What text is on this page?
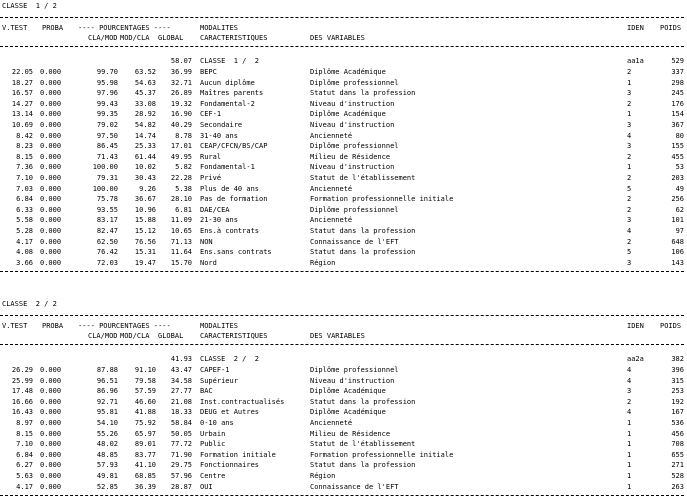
CLASSE  1 / 2
V.TEST PROBA ---- POURCENTAGES ----	MODALITES	IDEN POIDS
CLA/MOD MOD/CLA GLOBAL CARACTERISTIQUES	DES VARIABLES
58.07 CLASSE  1 /  2	aa1a	529
22.05 0.000	99.70 63.52 36.99 BEPC	Diplôme Académique	2	337
18.27 0.000	95.98 54.63 32.71 Aucun diplôme	Diplôme professionnel	1	298
16.57 0.000	97.96 45.37 26.89 Maîtres parents	Statut dans la profession	3	245
14.27 0.000	99.43 33.08 19.32 Fondamental-2	Niveau d'instruction	2	176
13.14 0.000	99.35 28.92 16.90 CEF-1	Diplôme Académique	1	154
10.69 0.000	79.02 54.82 40.29 Secondaire	Niveau d'instruction	3	367
8.42 0.000	97.50 14.74	8.78 31-40 ans	Ancienneté	4	80
8.23 0.000	86.45 25.33 17.01 CEAP/CFCN/BS/CAP	Diplôme professionnel	3	155
8.15 0.000	71.43 61.44 49.95 Rural	Milieu de Résidence	2	455
7.36 0.000	100.00 10.02	5.82 Fondamental-1	Niveau d'instruction	1	53
7.10 0.000	79.31 30.43 22.28 Privé	Statut de l'établissement	2	203
7.03 0.000	100.00	9.26	5.38 Plus de 40 ans	Ancienneté	5	49
6.84 0.000	75.78 36.67 28.10 Pas de formation	Formation professionnelle initiale	2	256
6.33 0.000	93.55 10.96	6.81 DAE/CEA	Diplôme professionnel	2	62
5.58 0.000	83.17 15.88 11.09 21-30 ans	Ancienneté	3	101
5.28 0.000	82.47 15.12 10.65 Ens.à contrats	Statut dans la profession	4	97
4.17 0.000	62.50 76.56 71.13 NON	Connaissance de l'EFT	2	648
4.08 0.000	76.42 15.31 11.64 Ens.sans contrats	Statut dans la profession	5	106
3.66 0.000	72.03 19.47 15.70 Nord	Région	3	143
CLASSE  2 / 2
V.TEST PROBA ---- POURCENTAGES ----	MODALITES	IDEN POIDS
CLA/MOD MOD/CLA GLOBAL CARACTERISTIQUES	DES VARIABLES
41.93 CLASSE  2 /  2	aa2a	382
26.29 0.000	87.88 91.10 43.47 CAPEF-1	Diplôme professionnel	4	396
25.99 0.000	96.51 79.58 34.58 Supérieur	Niveau d'instruction	4	315
17.48 0.000	86.96 57.59 27.77 BAC	Diplôme Académique	3	253
16.66 0.000	92.71 46.60 21.08 Inst.contractualisés	Statut dans la profession	2	192
16.43 0.000	95.81 41.88 18.33 DEUG et Autres	Diplôme Académique	4	167
8.97 0.000	54.10 75.92 58.84 0-10 ans	Ancienneté	1	536
8.15 0.000	55.26 65.97 50.05 Urbain	Milieu de Résidence	1	456
7.10 0.000	48.02 89.01 77.72 Public	Statut de l'établissement	1	708
6.84 0.000	48.85 83.77 71.90 Formation initiale	Formation professionnelle initiale	1	655
6.27 0.000	57.93 41.10 29.75 Fonctionnaires	Statut dans la profession	1	271
5.63 0.000	49.81 68.85 57.96 Centre	Région	1	528
4.17 0.000	52.85 36.39 28.87 OUI	Connaissance de l'EFT	1	263
